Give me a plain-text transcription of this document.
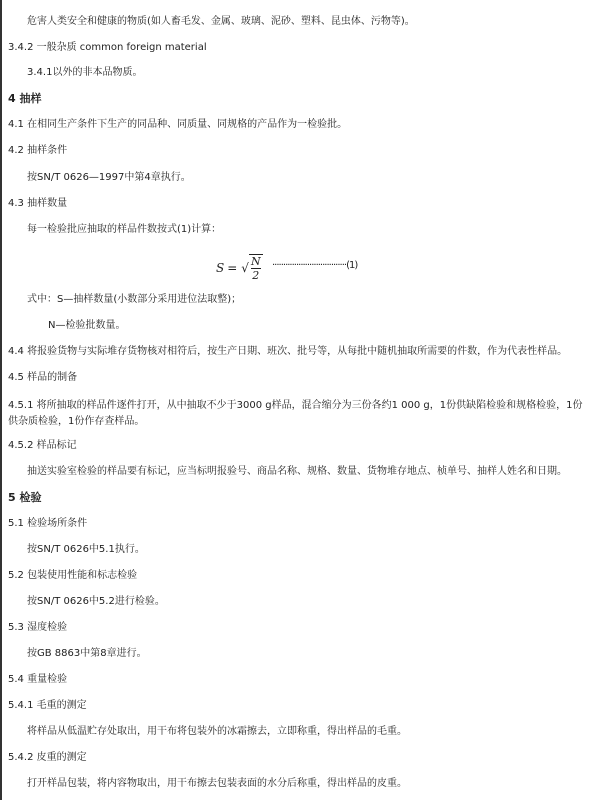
危害人类安全和健康的物质(如人畜毛发、金属、玻璃、泥砂、塑料、昆虫体、污物等)。
3.4.2 一般杂质 common foreign material
3.4.1以外的非本品物质。
4 抽样
4.1 在相同生产条件下生产的同品种、同质量、同规格的产品作为一检验批。
4.2 抽样条件
按SN/T 0626—1997中第4章执行。
4.3 抽样数量
每一检验批应抽取的样品件数按式(1)计算：
S = √ $\frac{N}{2} \cdot\cdot\cdot\cdot\cdot\cdot\cdot\cdot\cdot\cdot\cdot\cdot\cdot\cdot\cdot\cdot\cdot\cdot\cdot\cdot\cdot\cdot\cdot\cdot\cdot\cdot\cdot\cdot\cdot\cdot\cdot\cdot\cdot\cdot(1)$
式中：S—抽样数量(小数部分采用进位法取整)；
N—检验批数量。
4.4 将报验货物与实际堆存货物核对相符后，按生产日期、班次、批号等，从每批中随机抽取所需要的件数，作为代表性样品。
4.5 样品的制备
4.5.1 将所抽取的样品件逐件打开，从中抽取不少于3000 g样品，混合缩分为三份各约1 000 g，1份供缺陷检验和规格检验，1份供杂质检验，1份作存查样品。
4.5.2 样品标记
抽送实验室检验的样品要有标记，应当标明报验号、商品名称、规格、数量、货物堆存地点、桢单号、抽样人姓名和日期。
5 检验
5.1 检验场所条件
按SN/T 0626中5.1执行。
5.2 包装使用性能和标志检验
按SN/T 0626中5.2进行检验。
5.3 湿度检验
按GB 8863中第8章进行。
5.4 重量检验
5.4.1 毛重的测定
将样品从低温贮存处取出，用干布将包装外的冰霜擦去，立即称重，得出样品的毛重。
5.4.2 皮重的测定
打开样品包装，将内容物取出，用干布擦去包装表面的水分后称重，得出样品的皮重。
